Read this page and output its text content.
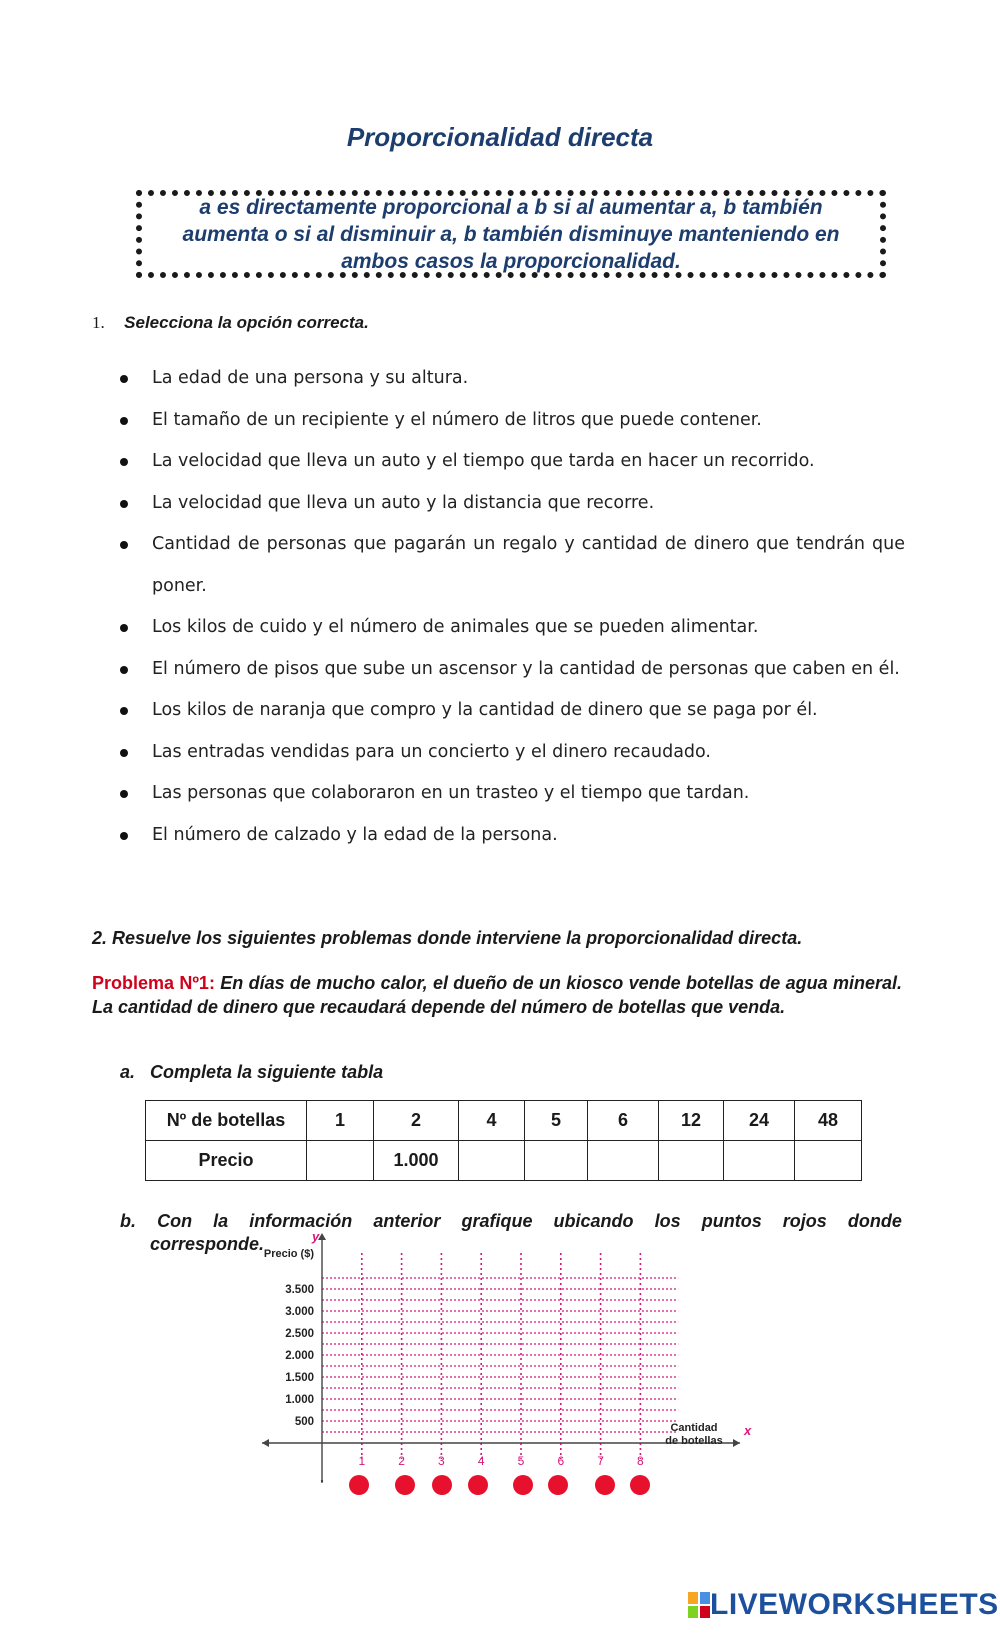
Proporcionalidad directa

a es directamente proporcional a b si al aumentar a, b también aumenta o si al disminuir a, b también disminuye manteniendo en ambos casos la proporcionalidad.

1. Selecciona la opción correcta.
La edad de una persona y su altura.
El tamaño de un recipiente y el número de litros que puede contener.
La velocidad que lleva un auto y el tiempo que tarda en hacer un recorrido.
La velocidad que lleva un auto y la distancia que recorre.
Cantidad de personas que pagarán un regalo y cantidad de dinero que tendrán que poner.
Los kilos de cuido y el número de animales que se pueden alimentar.
El número de pisos que sube un ascensor y la cantidad de personas que caben en él.
Los kilos de naranja que compro y la cantidad de dinero que se paga por él.
Las entradas vendidas para un concierto y el dinero recaudado.
Las personas que colaboraron en un trasteo y el tiempo que tardan.
El número de calzado y la edad de la persona.
2. Resuelve los siguientes problemas donde interviene la proporcionalidad directa.
Problema Nº1: En días de mucho calor, el dueño de un kiosco vende botellas de agua mineral. La cantidad de dinero que recaudará depende del número de botellas que venda.
a. Completa la siguiente tabla
Nº de botellas	1	2	4	5	6	12	24	48
Precio		1.000						
b. Con la información anterior grafique ubicando los puntos rojos donde
corresponde.
1	2	3	4	5	6	7	8
500
1.000
1.500
2.000
2.500
3.000
3.500
y
Precio ($)
x
Cantidad
de botellas
LIVEWORKSHEETS
